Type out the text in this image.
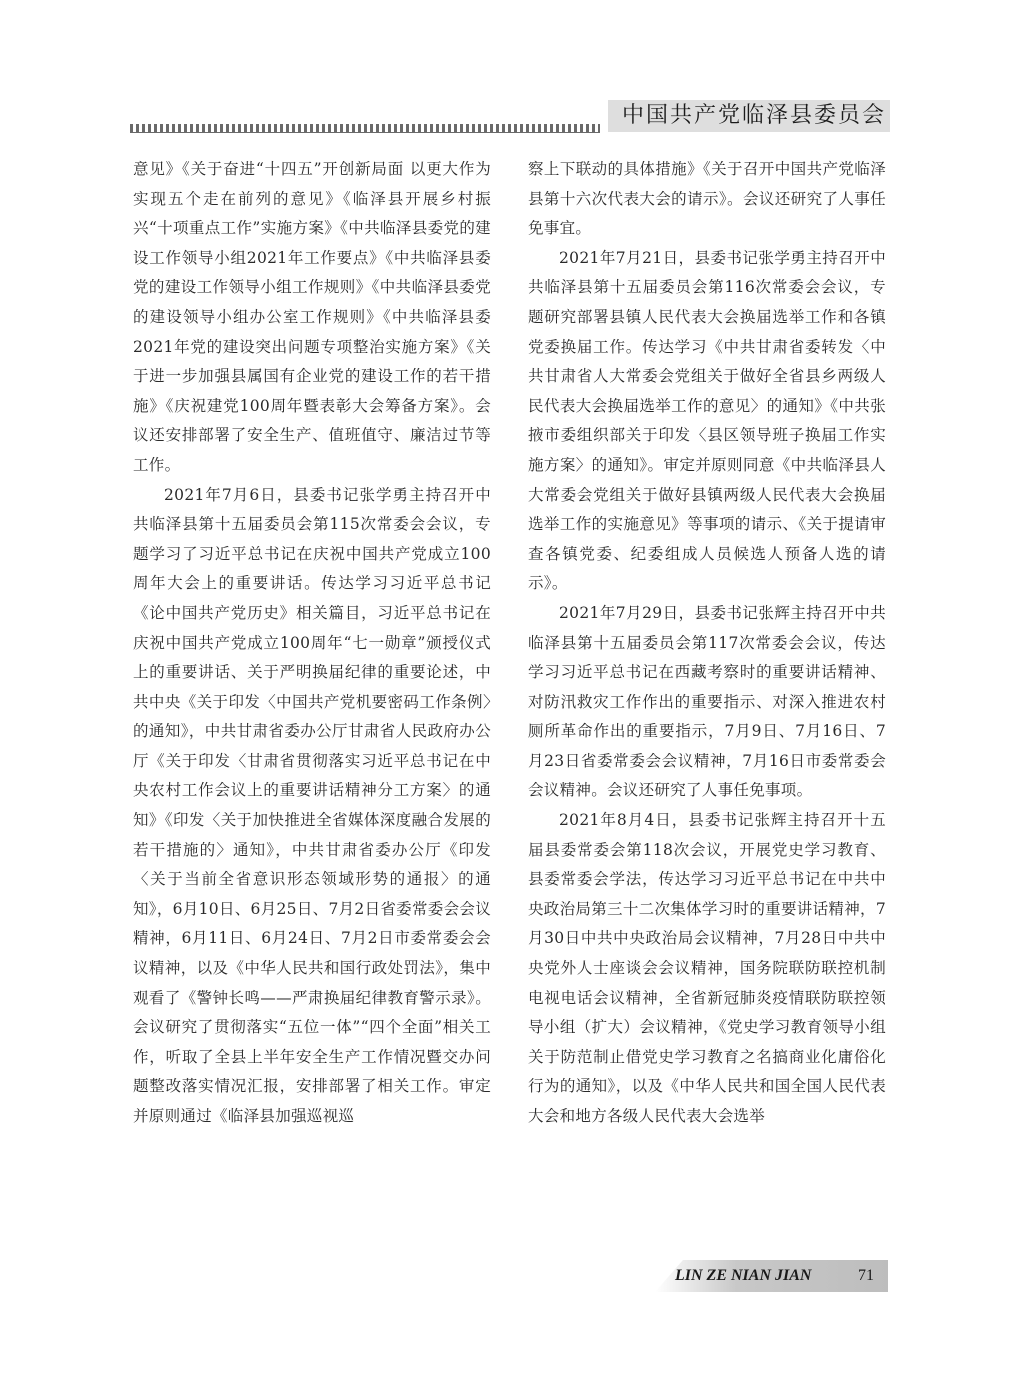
中国共产党临泽县委员会

意见》《关于奋进“十四五”开创新局面 以更大作为实现五个走在前列的意见》《临泽县开展乡村振兴“十项重点工作”实施方案》《中共临泽县委党的建设工作领导小组2021年工作要点》《中共临泽县委党的建设工作领导小组工作规则》《中共临泽县委党的建设领导小组办公室工作规则》《中共临泽县委2021年党的建设突出问题专项整治实施方案》《关于进一步加强县属国有企业党的建设工作的若干措施》《庆祝建党100周年暨表彰大会筹备方案》。会议还安排部署了安全生产、值班值守、廉洁过节等工作。

2021年7月6日，县委书记张学勇主持召开中共临泽县第十五届委员会第115次常委会会议，专题学习了习近平总书记在庆祝中国共产党成立100周年大会上的重要讲话。传达学习习近平总书记《论中国共产党历史》相关篇目，习近平总书记在庆祝中国共产党成立100周年“七一勋章”颁授仪式上的重要讲话、关于严明换届纪律的重要论述，中共中央《关于印发〈中国共产党机要密码工作条例〉的通知》，中共甘肃省委办公厅甘肃省人民政府办公厅《关于印发〈甘肃省贯彻落实习近平总书记在中央农村工作会议上的重要讲话精神分工方案〉的通知》《印发〈关于加快推进全省媒体深度融合发展的若干措施的〉通知》，中共甘肃省委办公厅《印发〈关于当前全省意识形态领域形势的通报〉的通知》，6月10日、6月25日、7月2日省委常委会会议精神，6月11日、6月24日、7月2日市委常委会会议精神，以及《中华人民共和国行政处罚法》，集中观看了《警钟长鸣——严肃换届纪律教育警示录》。会议研究了贯彻落实“五位一体”“四个全面”相关工作，听取了全县上半年安全生产工作情况暨交办问题整改落实情况汇报，安排部署了相关工作。审定并原则通过《临泽县加强巡视巡

察上下联动的具体措施》《关于召开中国共产党临泽县第十六次代表大会的请示》。会议还研究了人事任免事宜。

2021年7月21日，县委书记张学勇主持召开中共临泽县第十五届委员会第116次常委会会议，专题研究部署县镇人民代表大会换届选举工作和各镇党委换届工作。传达学习《中共甘肃省委转发〈中共甘肃省人大常委会党组关于做好全省县乡两级人民代表大会换届选举工作的意见〉的通知》《中共张掖市委组织部关于印发〈县区领导班子换届工作实施方案〉的通知》。审定并原则同意《中共临泽县人大常委会党组关于做好县镇两级人民代表大会换届选举工作的实施意见》等事项的请示、《关于提请审查各镇党委、纪委组成人员候选人预备人选的请示》。

2021年7月29日，县委书记张辉主持召开中共临泽县第十五届委员会第117次常委会会议，传达学习习近平总书记在西藏考察时的重要讲话精神、对防汛救灾工作作出的重要指示、对深入推进农村厕所革命作出的重要指示，7月9日、7月16日、7月23日省委常委会会议精神，7月16日市委常委会会议精神。会议还研究了人事任免事项。

2021年8月4日，县委书记张辉主持召开十五届县委常委会第118次会议，开展党史学习教育、县委常委会学法，传达学习习近平总书记在中共中央政治局第三十二次集体学习时的重要讲话精神，7月30日中共中央政治局会议精神，7月28日中共中央党外人士座谈会会议精神，国务院联防联控机制电视电话会议精神，全省新冠肺炎疫情联防联控领导小组（扩大）会议精神，《党史学习教育领导小组关于防范制止借党史学习教育之名搞商业化庸俗化行为的通知》，以及《中华人民共和国全国人民代表大会和地方各级人民代表大会选举

LIN ZE NIAN JIAN	71
